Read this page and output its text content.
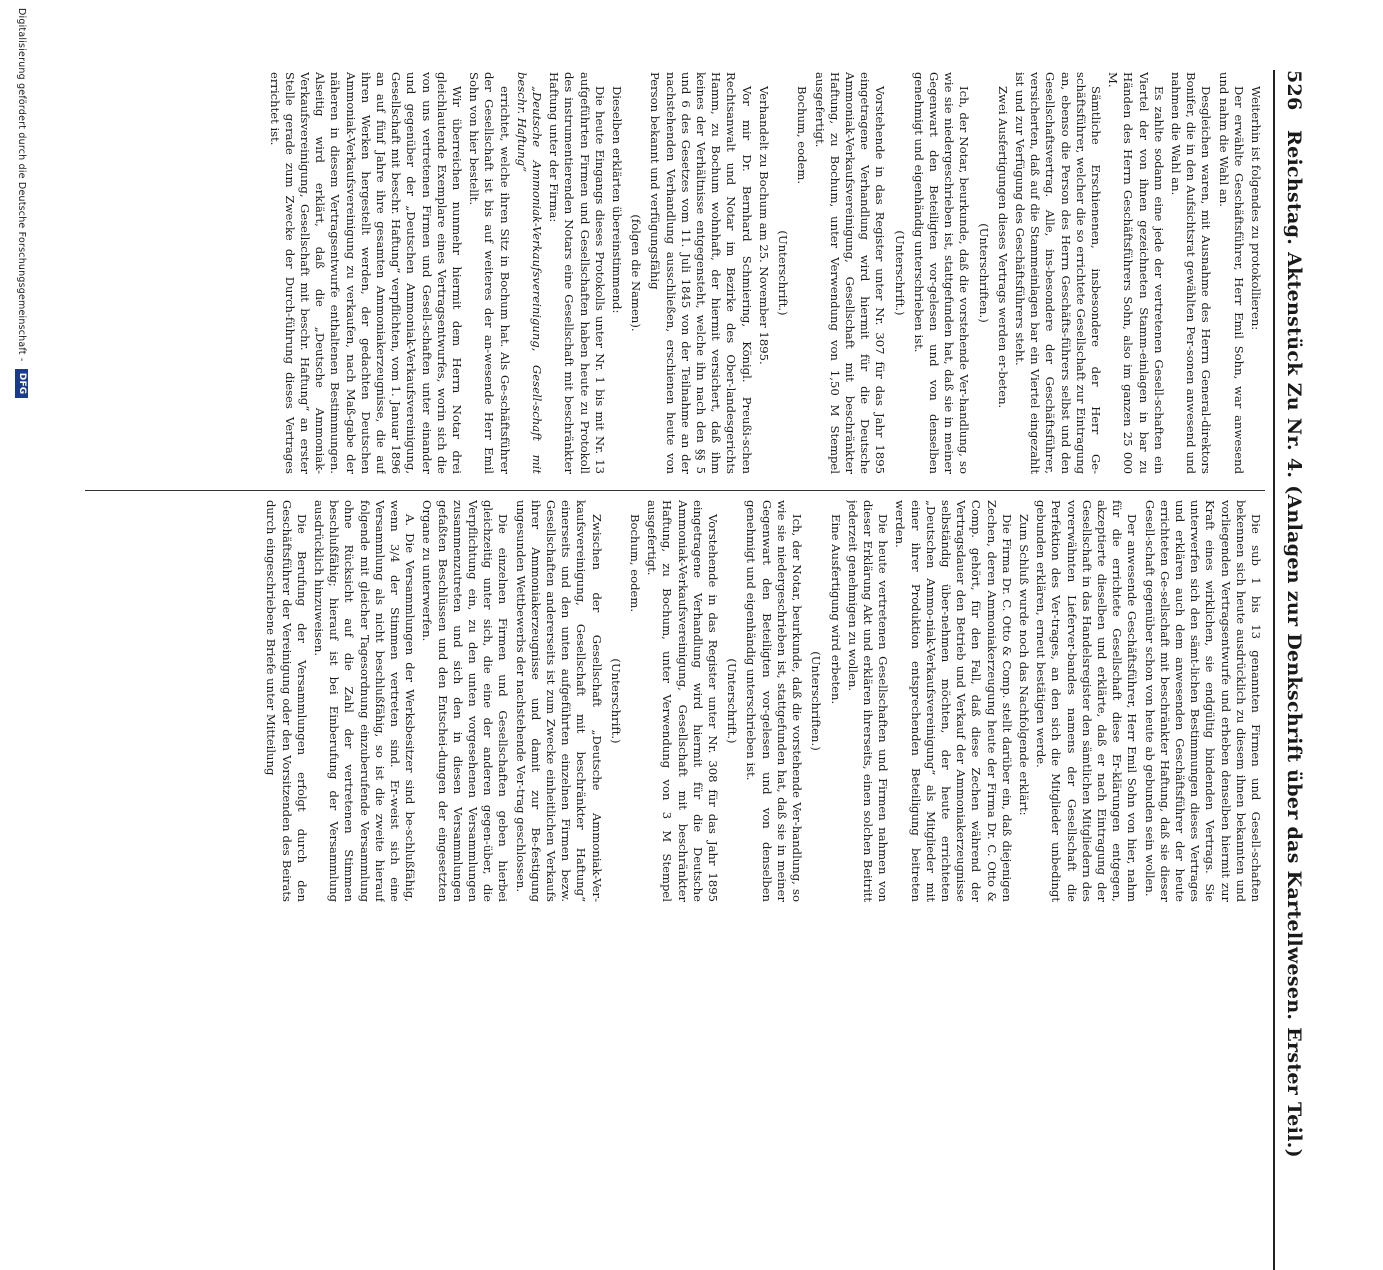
526
Reichstag. Aktenstück Zu Nr. 4. (Anlagen zur Denkschrift über das Kartellwesen. Erster Teil.)

Weiterhin ist folgendes zu protokollieren:

Der erwählte Geschäftsführer, Herr Emil Sohn, war anwesend und nahm die Wahl an.

Desgleichen waren, mit Ausnahme des Herrn General-direktors Bonifer, die in den Aufsichtsrat gewählten Per-sonen anwesend und nahmen die Wahl an.

Es zahlte sodann eine jede der vertretenen Gesell-schaften ein Viertel der von ihnen gezeichneten Stamm-einlagen in bar zu Händen des Herrn Geschäftsführers Sohn, also im ganzen 25 000 M.

Sämtliche Erschienenen, insbesondere der Herr Ge-schäftsführer, welcher die so errichtete Gesellschaft zur Eintragung an, ebenso die Person des Herrn Geschäfts-führers selbst und den Gesellschaftsvertrag. Alle, ins-besondere der Geschäftsführer, versicherten, daß auf die Stammeinlagen bar ein Viertel eingezahlt ist und zur Verfügung des Geschäftsführers steht.

Zwei Ausfertigungen dieses Vertrags werden er-beten.

(Unterschriften.)

Ich, der Notar, beurkunde, daß die vorstehende Ver-handlung, so wie sie niedergeschrieben ist, stattgefunden hat, daß sie in meiner Gegenwart den Beteiligten vor-gelesen und von denselben genehmigt und eigenhändig unterschrieben ist.

(Unterschrift.)

Vorstehende in das Register unter Nr. 307 für das Jahr 1895 eingetragene Verhandlung wird hiermit für die Deutsche Ammoniak-Verkaufsvereinigung, Gesellschaft mit beschränkter Haftung, zu Bochum, unter Verwendung von 1,50 M Stempel ausgefertigt.

Bochum, eodem.

(Unterschrift.)

Verhandelt zu Bochum am 25. November 1895.

Vor mir Dr. Bernhard Schmiering, Königl. Preußi-schen Rechtsanwalt und Notar im Bezirke des Ober-landesgerichts Hamm, zu Bochum wohnhaft, der hiermit versichert, daß ihm keines der Verhältnisse entgegensteht, welche ihn nach den §§ 5 und 6 des Gesetzes vom 11. Juli 1845 von der Teilnahme an der nachstehenden Verhandlung ausschließen, erschienen heute von Person bekannt und verfügungsfähig

(folgen die Namen).

Dieselben erklärten übereinstimmend:

Die heute Eingangs dieses Protokolls unter Nr. 1 bis mit Nr. 13 aufgeführten Firmen und Gesellschaften haben heute zu Protokoll des instrumentierenden Notars eine Gesellschaft mit beschränkter Haftung unter der Firma:

„Deutsche Ammoniak-Verkaufsvereinigung, Gesell-schaft mit beschr. Haftung“

errichtet, welche ihren Sitz in Bochum hat. Als Ge-schäftsführer der Gesellschaft ist bis auf weiteres der an-wesende Herr Emil Sohn von hier bestellt.

Wir überreichen nunmehr hiermit dem Herrn Notar drei gleichlautende Exemplare eines Vertragsentwurfes, worin sich die von uns vertretenen Firmen und Gesell-schaften unter einander und gegenüber der „Deutschen Ammoniak-Verkaufsvereinigung, Gesellschaft mit beschr. Haftung“ verpflichten, vom 1. Januar 1896 an auf fünf Jahre ihre gesamten Ammoniakerzeugnisse, die auf ihren Werken hergestellt werden, der gedachten Deutschen Ammoniak-Verkaufsvereinigung zu verkaufen, nach Maß-gabe der näheren in diesem Vertragsentwurfe enthaltenen Bestimmungen. Alseitig wird erklärt, daß die „Deutsche Ammoniak-Verkaufsvereinigung, Gesellschaft mit beschr. Haftung“ an erster Stelle gerade zum Zwecke der Durch-führung dieses Vertrages errichtet ist.

Die sub 1 bis 13 genannten Firmen und Gesell-schaften bekennen sich heute ausdrücklich zu diesem ihnen bekannten und vorliegenden Vertragsentwurfe und erheben denselben hiermit zur Kraft eines wirklichen, sie endgültig bindenden Vertrags. Sie unterwerfen sich den sämt-lichen Bestimmungen dieses Vertrages und erklären auch dem anwesenden Geschäftsführer der heute errichteten Ge-sellschaft mit beschränkter Haftung, daß sie dieser Gesell-schaft gegenüber schon von heute ab gebunden sein wollen.

Der anwesende Geschäftsführer, Herr Emil Sohn von hier, nahm für die errichtete Gesellschaft diese Er-klärungen entgegen, akzeptierte dieselben und erklärte, daß er nach Eintragung der Gesellschaft in das Handelsregister den sämtlichen Mitgliedern des vorerwähnten Lieferver-bandes namens der Gesellschaft die Perfektion des Ver-trages, an den sich die Mitglieder unbedingt gebunden erklären, erneut bestätigen werde.

Zum Schluß wurde noch das Nachfolgende erklärt:

Die Firma Dr. C. Otto & Comp. stellt darüber ein, daß diejenigen Zechen, deren Ammoniakerzeugung heute der Firma Dr. C. Otto & Comp. gehört, für den Fall, daß diese Zechen während der Vertragsdauer den Betrieb und Verkauf der Ammoniakerzeugnisse selbständig über-nehmen möchten, der heute errichteten „Deutschen Ammo-niak-Verkaufsvereinigung“ als Mitglieder mit einer ihrer Produktion entsprechenden Beteiligung beitreten werden.

Die heute vertretenen Gesellschaften und Firmen nahmen von dieser Erklärung Akt und erklären ihrerseits, einen solchen Beitritt jederzeit genehmigen zu wollen.

Eine Ausfertigung wird erbeten.

(Unterschriften.)

Ich, der Notar, beurkunde, daß die vorstehende Ver-handlung, so wie sie niedergeschrieben ist, stattgefunden hat, daß sie in meiner Gegenwart den Beteiligten vor-gelesen und von denselben genehmigt und eigenhändig unterschrieben ist.

(Unterschrift.)

Vorstehende in das Register unter Nr. 308 für das Jahr 1895 eingetragene Verhandlung wird hiermit für die Deutsche Ammoniak-Verkaufsvereinigung, Gesellschaft mit beschränkter Haftung, zu Bochum, unter Verwendung von 3 M Stempel ausgefertigt.

Bochum, eodem.

(Unterschrift.)

Zwischen der Gesellschaft „Deutsche Ammoniak-Ver-kaufsvereinigung, Gesellschaft mit beschränkter Haftung“ einerseits und den unten aufgeführten einzelnen Firmen bezw. Gesellschaften andererseits ist zum Zwecke einheitlichen Verkaufs ihrer Ammoniakerzeugnisse und damit zur Be-festigung ungesunden Wettbewerbs der nachstehende Ver-trag geschlossen.

Die einzelnen Firmen und Gesellschaften geben hierbei gleichzeitig unter sich, die eine der anderen gegen-über, die Verpflichtung ein, zu den unten vorgesehenen Versammlungen zusammenzutreten und sich den in diesen Versammlungen gefaßten Beschlüssen und den Entschei-dungen der eingesetzten Organe zu unterwerfen.

A. Die Versammlungen der Werksbesitzer sind be-schlußfähig, wenn 3/4 der Stimmen vertreten sind. Er-weist sich eine Versammlung als nicht beschlußfähig, so ist die zweite hierauf folgende mit gleicher Tagesordnung einzuberufende Versammlung ohne Rücksicht auf die Zahl der vertretenen Stimmen beschlußfähig; hierauf ist bei Einberufung der Versammlung ausdrücklich hinzuweisen.

Die Berufung der Versammlungen erfolgt durch den Geschäftsführer der Vereinigung oder den Vorsitzenden des Beirats durch eingeschriebene Briefe unter Mitteilung

Digitalisierung gefördert durch die Deutsche Forschungsgemeinschaft - DFG
